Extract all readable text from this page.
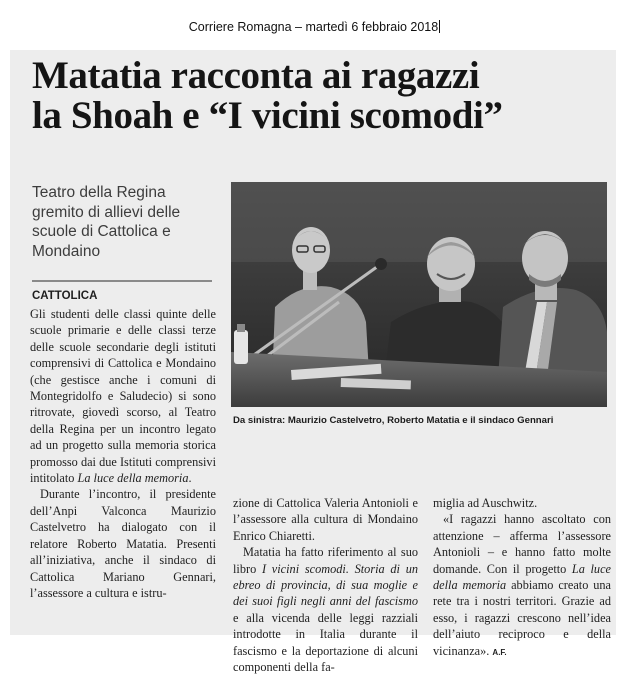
Corriere Romagna – martedì 6 febbraio 2018
Matatia racconta ai ragazzi
la Shoah e “I vicini scomodi”
Teatro della Regina gremito di allievi delle scuole di Cattolica e Mondaino
CATTOLICA

Gli studenti delle classi quinte delle scuole primarie e delle classi terze delle scuole secondarie degli istituti comprensivi di Cattolica e Mondaino (che gestisce anche i comuni di Montegridolfo e Saludecio) si sono ritrovate, giovedì scorso, al Teatro della Regina per un incontro legato ad un progetto sulla memoria storica promosso dai due Istituti comprensivi intitolato La luce della memoria.

Durante l’incontro, il presidente dell’Anpi Valconca Maurizio Castelvetro ha dialogato con il relatore Roberto Matatia. Presenti all’iniziativa, anche il sindaco di Cattolica Mariano Gennari, l’assessore a cultura e istru-

Da sinistra: Maurizio Castelvetro, Roberto Matatia e il sindaco Gennari

zione di Cattolica Valeria Antonioli e l’assessore alla cultura di Mondaino Enrico Chiaretti.

Matatia ha fatto riferimento al suo libro I vicini scomodi. Storia di un ebreo di provincia, di sua moglie e dei suoi figli negli anni del fascismo e alla vicenda delle leggi razziali introdotte in Italia durante il fascismo e la deportazione di alcuni componenti della fa-

miglia ad Auschwitz.

«I ragazzi hanno ascoltato con attenzione – afferma l’assessore Antonioli – e hanno fatto molte domande. Con il progetto La luce della memoria abbiamo creato una rete tra i nostri territori. Grazie ad esso, i ragazzi crescono nell’idea dell’aiuto reciproco e della vicinanza». A.F.
